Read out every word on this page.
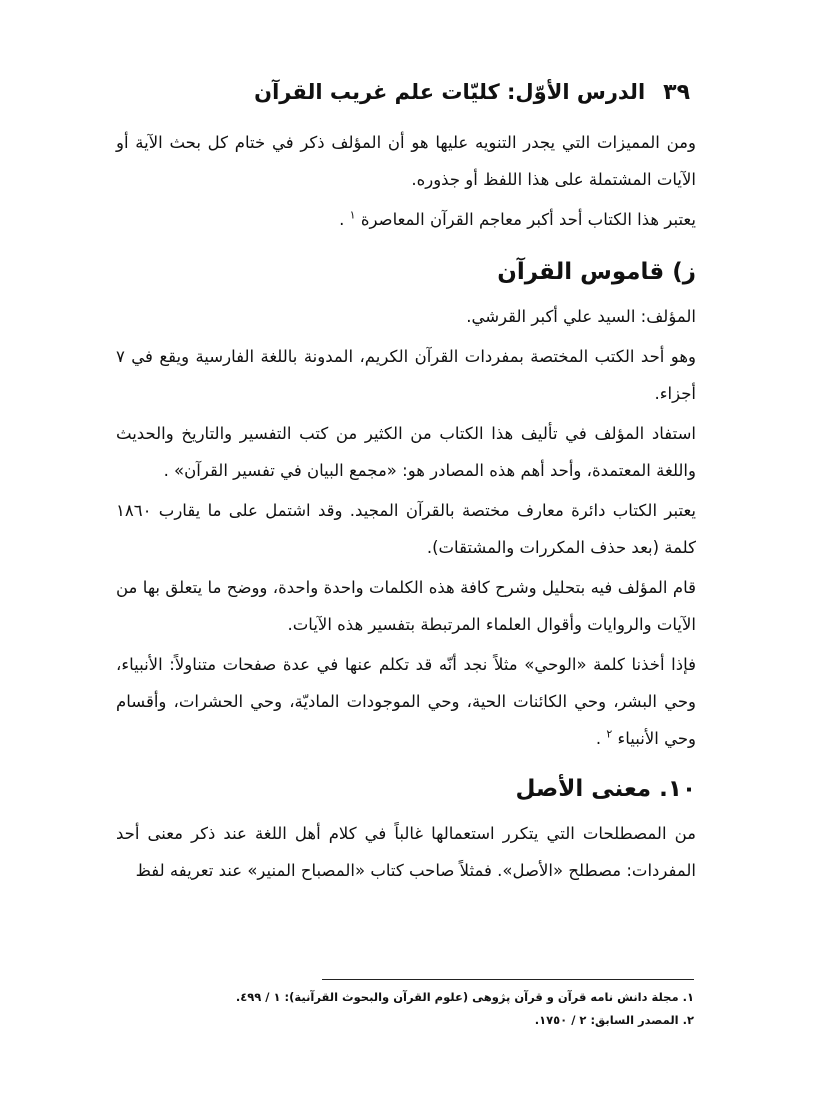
٣٩
الدرس الأوّل: كليّات علم غريب القرآن

ومن المميزات التي يجدر التنويه عليها هو أن المؤلف ذكر في ختام كل بحث الآية أو الآيات المشتملة على هذا اللفظ أو جذوره.

يعتبر هذا الكتاب أحد أكبر معاجم القرآن المعاصرة $^١$ .

ز) قاموس القرآن

المؤلف: السيد علي أكبر القرشي.

وهو أحد الكتب المختصة بمفردات القرآن الكريم، المدونة باللغة الفارسية ويقع في ٧ أجزاء.

استفاد المؤلف في تأليف هذا الكتاب من الكثير من كتب التفسير والتاريخ والحديث واللغة المعتمدة، وأحد أهم هذه المصادر هو: «مجمع البيان في تفسير القرآن» .

يعتبر الكتاب دائرة معارف مختصة بالقرآن المجيد. وقد اشتمل على ما يقارب ١٨٦٠ كلمة (بعد حذف المكررات والمشتقات).

قام المؤلف فيه بتحليل وشرح كافة هذه الكلمات واحدة واحدة، ووضح ما يتعلق بها من الآيات والروايات وأقوال العلماء المرتبطة بتفسير هذه الآيات.

فإذا أخذنا كلمة «الوحي» مثلاً نجد أنّه قد تكلم عنها في عدة صفحات متناولاً: الأنبياء، وحي البشر، وحي الكائنات الحية، وحي الموجودات الماديّة، وحي الحشرات، وأقسام وحي الأنبياء $^٢$ .

١٠. معنى الأصل

من المصطلحات التي يتكرر استعمالها غالباً في كلام أهل اللغة عند ذكر معنى أحد المفردات: مصطلح «الأصل». فمثلاً صاحب كتاب «المصباح المنير» عند تعريفه لفظ

١. مجلة دانش نامه قرآن و قرآن پژوهی (علوم القرآن والبحوث القرآنية): ١ / ٤٩٩.
٢. المصدر السابق: ٢ / ١٧٥٠.
